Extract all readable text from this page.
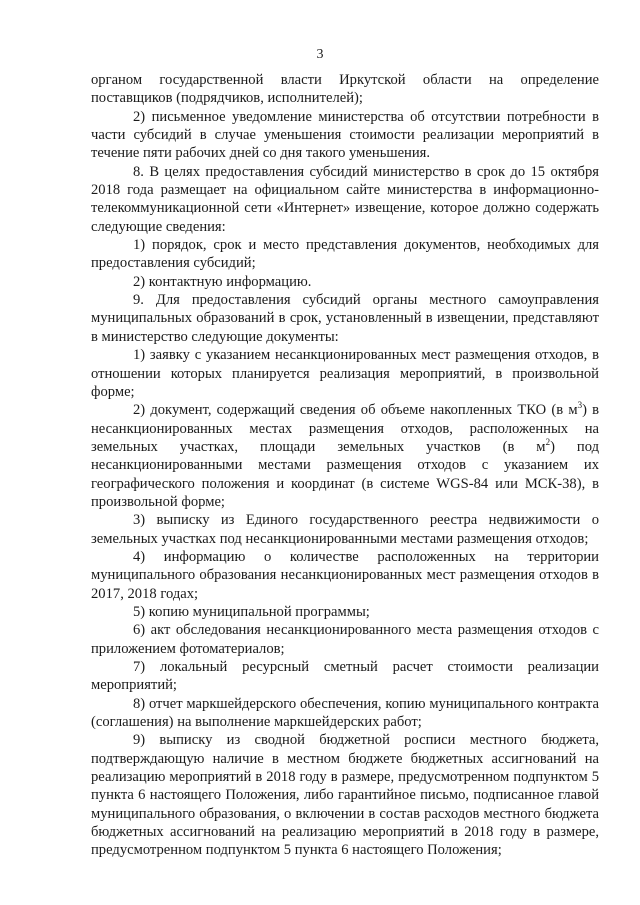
3

органом государственной власти Иркутской области на определение поставщиков (подрядчиков, исполнителей);

2) письменное уведомление министерства об отсутствии потребности в части субсидий в случае уменьшения стоимости реализации мероприятий в течение пяти рабочих дней со дня такого уменьшения.

8. В целях предоставления субсидий министерство в срок до 15 октября 2018 года размещает на официальном сайте министерства в информационно-телекоммуникационной сети «Интернет» извещение, которое должно содержать следующие сведения:

1) порядок, срок и место представления документов, необходимых для предоставления субсидий;

2) контактную информацию.

9. Для предоставления субсидий органы местного самоуправления муниципальных образований в срок, установленный в извещении, представляют в министерство следующие документы:

1) заявку с указанием несанкционированных мест размещения отходов, в отношении которых планируется реализация мероприятий, в произвольной форме;

2) документ, содержащий сведения об объеме накопленных ТКО (в $м^3$) в несанкционированных местах размещения отходов, расположенных на земельных участках, площади земельных участков (в $м^2$) под несанкционированными местами размещения отходов с указанием их географического положения и координат (в системе WGS-84 или МСК-38), в произвольной форме;

3) выписку из Единого государственного реестра недвижимости о земельных участках под несанкционированными местами размещения отходов;

4) информацию о количестве расположенных на территории муниципального образования несанкционированных мест размещения отходов в 2017, 2018 годах;

5) копию муниципальной программы;

6) акт обследования несанкционированного места размещения отходов с приложением фотоматериалов;

7) локальный ресурсный сметный расчет стоимости реализации мероприятий;

8) отчет маркшейдерского обеспечения, копию муниципального контракта (соглашения) на выполнение маркшейдерских работ;

9) выписку из сводной бюджетной росписи местного бюджета, подтверждающую наличие в местном бюджете бюджетных ассигнований на реализацию мероприятий в 2018 году в размере, предусмотренном подпунктом 5 пункта 6 настоящего Положения, либо гарантийное письмо, подписанное главой муниципального образования, о включении в состав расходов местного бюджета бюджетных ассигнований на реализацию мероприятий в 2018 году в размере, предусмотренном подпунктом 5 пункта 6 настоящего Положения;
